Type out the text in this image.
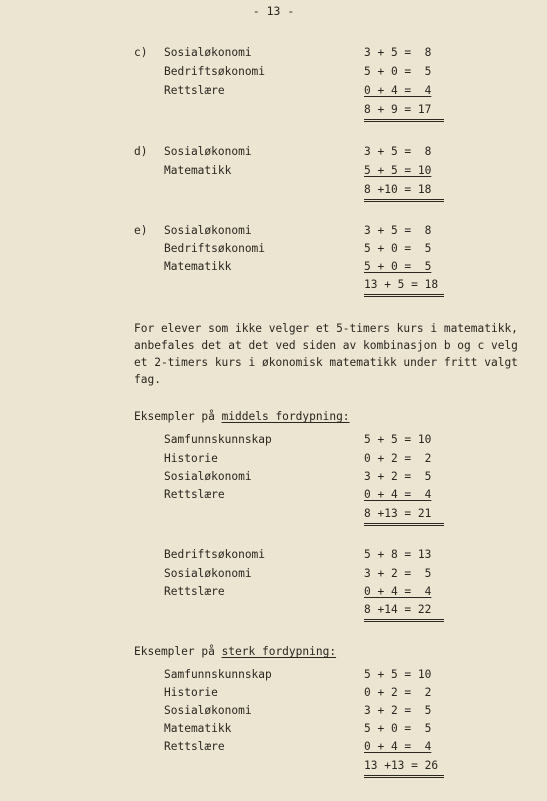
- 13 -
c) Sosialøkonomi
Bedriftsøkonomi
Rettslære
3 + 5 =  8
5 + 0 =  5
0 + 4 =  4
8 + 9 = 17
d) Sosialøkonomi
Matematikk
3 + 5 =  8
5 + 5 = 10
8 +10 = 18
e) Sosialøkonomi
Bedriftsøkonomi
Matematikk
3 + 5 =  8
5 + 0 =  5
5 + 0 =  5
13 + 5 = 18
For elever som ikke velger et 5-timers kurs i matematikk,
anbefales det at det ved siden av kombinasjon b og c velg
et 2-timers kurs i økonomisk matematikk under fritt valgt
fag.
Eksempler på middels fordypning:
Samfunnskunnskap
Historie
Sosialøkonomi
Rettslære
5 + 5 = 10
0 + 2 =  2
3 + 2 =  5
0 + 4 =  4
8 +13 = 21
Bedriftsøkonomi
Sosialøkonomi
Rettslære
5 + 8 = 13
3 + 2 =  5
0 + 4 =  4
8 +14 = 22
Eksempler på sterk fordypning:
Samfunnskunnskap
Historie
Sosialøkonomi
Matematikk
Rettslære
5 + 5 = 10
0 + 2 =  2
3 + 2 =  5
5 + 0 =  5
0 + 4 =  4
13 +13 = 26
